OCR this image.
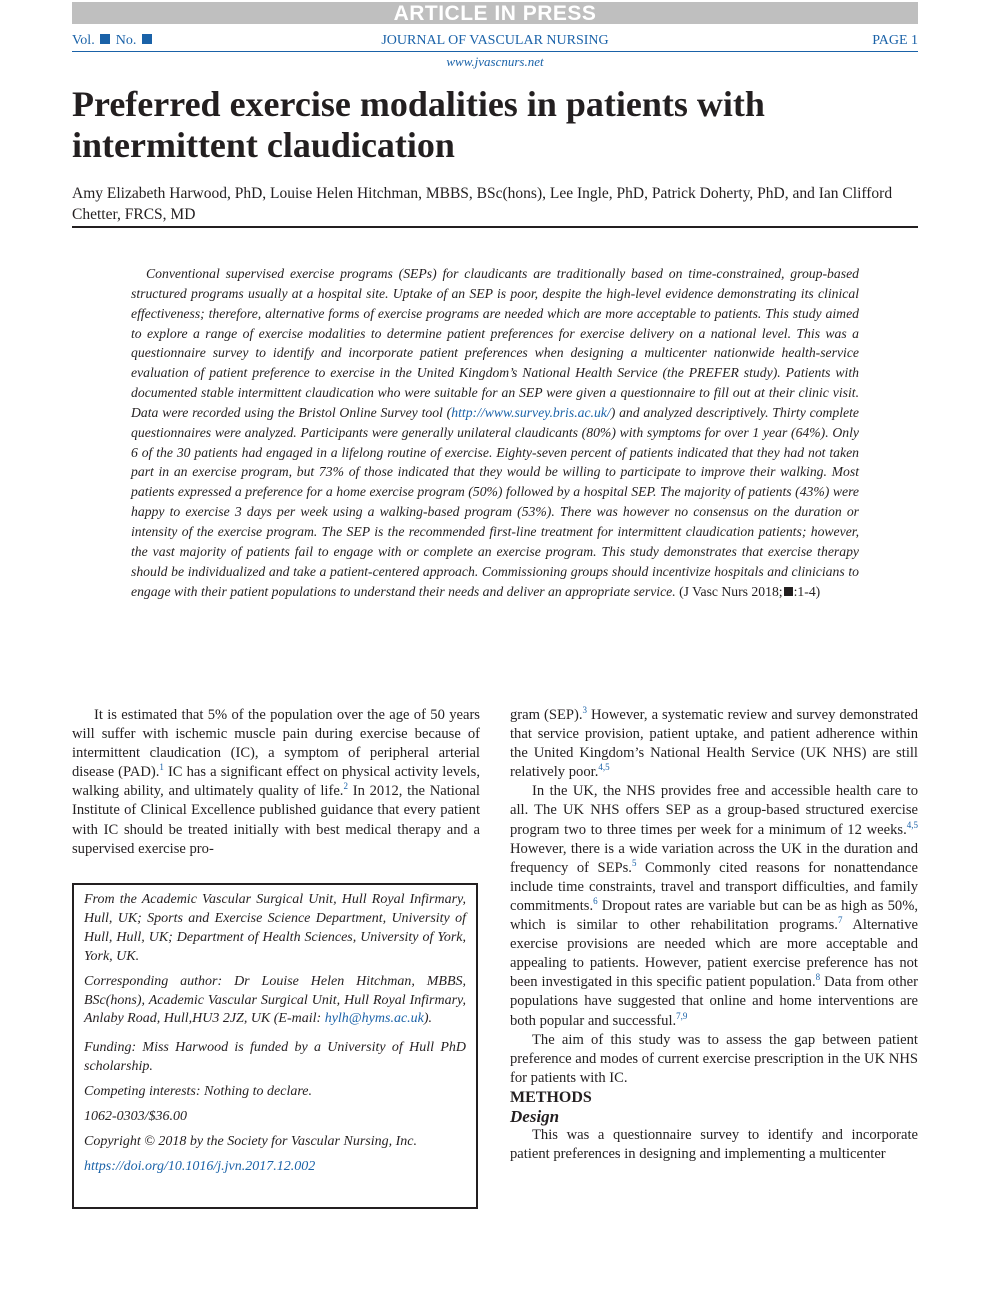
ARTICLE IN PRESS
Vol. No.	JOURNAL OF VASCULAR NURSING	PAGE 1
www.jvascnurs.net
Preferred exercise modalities in patients with intermittent claudication
Amy Elizabeth Harwood, PhD, Louise Helen Hitchman, MBBS, BSc(hons), Lee Ingle, PhD, Patrick Doherty, PhD, and Ian Clifford Chetter, FRCS, MD
Conventional supervised exercise programs (SEPs) for claudicants are traditionally based on time-constrained, group-based structured programs usually at a hospital site. Uptake of an SEP is poor, despite the high-level evidence demonstrating its clinical effectiveness; therefore, alternative forms of exercise programs are needed which are more acceptable to patients. This study aimed to explore a range of exercise modalities to determine patient preferences for exercise delivery on a national level. This was a questionnaire survey to identify and incorporate patient preferences when designing a multicenter nationwide health-service evaluation of patient preference to exercise in the United Kingdom’s National Health Service (the PREFER study). Patients with documented stable intermittent claudication who were suitable for an SEP were given a questionnaire to fill out at their clinic visit. Data were recorded using the Bristol Online Survey tool (http://www.survey.bris.ac.uk/) and analyzed descriptively. Thirty complete questionnaires were analyzed. Participants were generally unilateral claudicants (80%) with symptoms for over 1 year (64%). Only 6 of the 30 patients had engaged in a lifelong routine of exercise. Eighty-seven percent of patients indicated that they had not taken part in an exercise program, but 73% of those indicated that they would be willing to participate to improve their walking. Most patients expressed a preference for a home exercise program (50%) followed by a hospital SEP. The majority of patients (43%) were happy to exercise 3 days per week using a walking-based program (53%). There was however no consensus on the duration or intensity of the exercise program. The SEP is the recommended first-line treatment for intermittent claudication patients; however, the vast majority of patients fail to engage with or complete an exercise program. This study demonstrates that exercise therapy should be individualized and take a patient-centered approach. Commissioning groups should incentivize hospitals and clinicians to engage with their patient populations to understand their needs and deliver an appropriate service. (J Vasc Nurs 2018; :1-4)

It is estimated that 5% of the population over the age of 50 years will suffer with ischemic muscle pain during exercise because of intermittent claudication (IC), a symptom of peripheral arterial disease (PAD).$^1$ IC has a significant effect on physical activity levels, walking ability, and ultimately quality of life.$^2$ In 2012, the National Institute of Clinical Excellence published guidance that every patient with IC should be treated initially with best medical therapy and a supervised exercise pro-

From the Academic Vascular Surgical Unit, Hull Royal Infirmary, Hull, UK; Sports and Exercise Science Department, University of Hull, Hull, UK; Department of Health Sciences, University of York, York, UK.

Corresponding author: Dr Louise Helen Hitchman, MBBS, BSc(hons), Academic Vascular Surgical Unit, Hull Royal Infirmary, Anlaby Road, Hull,HU3 2JZ, UK (E-mail: hylh@hyms.ac.uk).

Funding: Miss Harwood is funded by a University of Hull PhD scholarship.

Competing interests: Nothing to declare.

1062-0303/$36.00

Copyright © 2018 by the Society for Vascular Nursing, Inc.

https://doi.org/10.1016/j.jvn.2017.12.002

gram (SEP).$^3$ However, a systematic review and survey demonstrated that service provision, patient uptake, and patient adherence within the United Kingdom’s National Health Service (UK NHS) are still relatively poor.$^{4,5}$

In the UK, the NHS provides free and accessible health care to all. The UK NHS offers SEP as a group-based structured exercise program two to three times per week for a minimum of 12 weeks.$^{4,5}$ However, there is a wide variation across the UK in the duration and frequency of SEPs.$^5$ Commonly cited reasons for nonattendance include time constraints, travel and transport difficulties, and family commitments.$^6$ Dropout rates are variable but can be as high as 50%, which is similar to other rehabilitation programs.$^7$ Alternative exercise provisions are needed which are more acceptable and appealing to patients. However, patient exercise preference has not been investigated in this specific patient population.$^8$ Data from other populations have suggested that online and home interventions are both popular and successful.$^{7,9}$

The aim of this study was to assess the gap between patient preference and modes of current exercise prescription in the UK NHS for patients with IC.

METHODS

Design

This was a questionnaire survey to identify and incorporate patient preferences in designing and implementing a multicenter
